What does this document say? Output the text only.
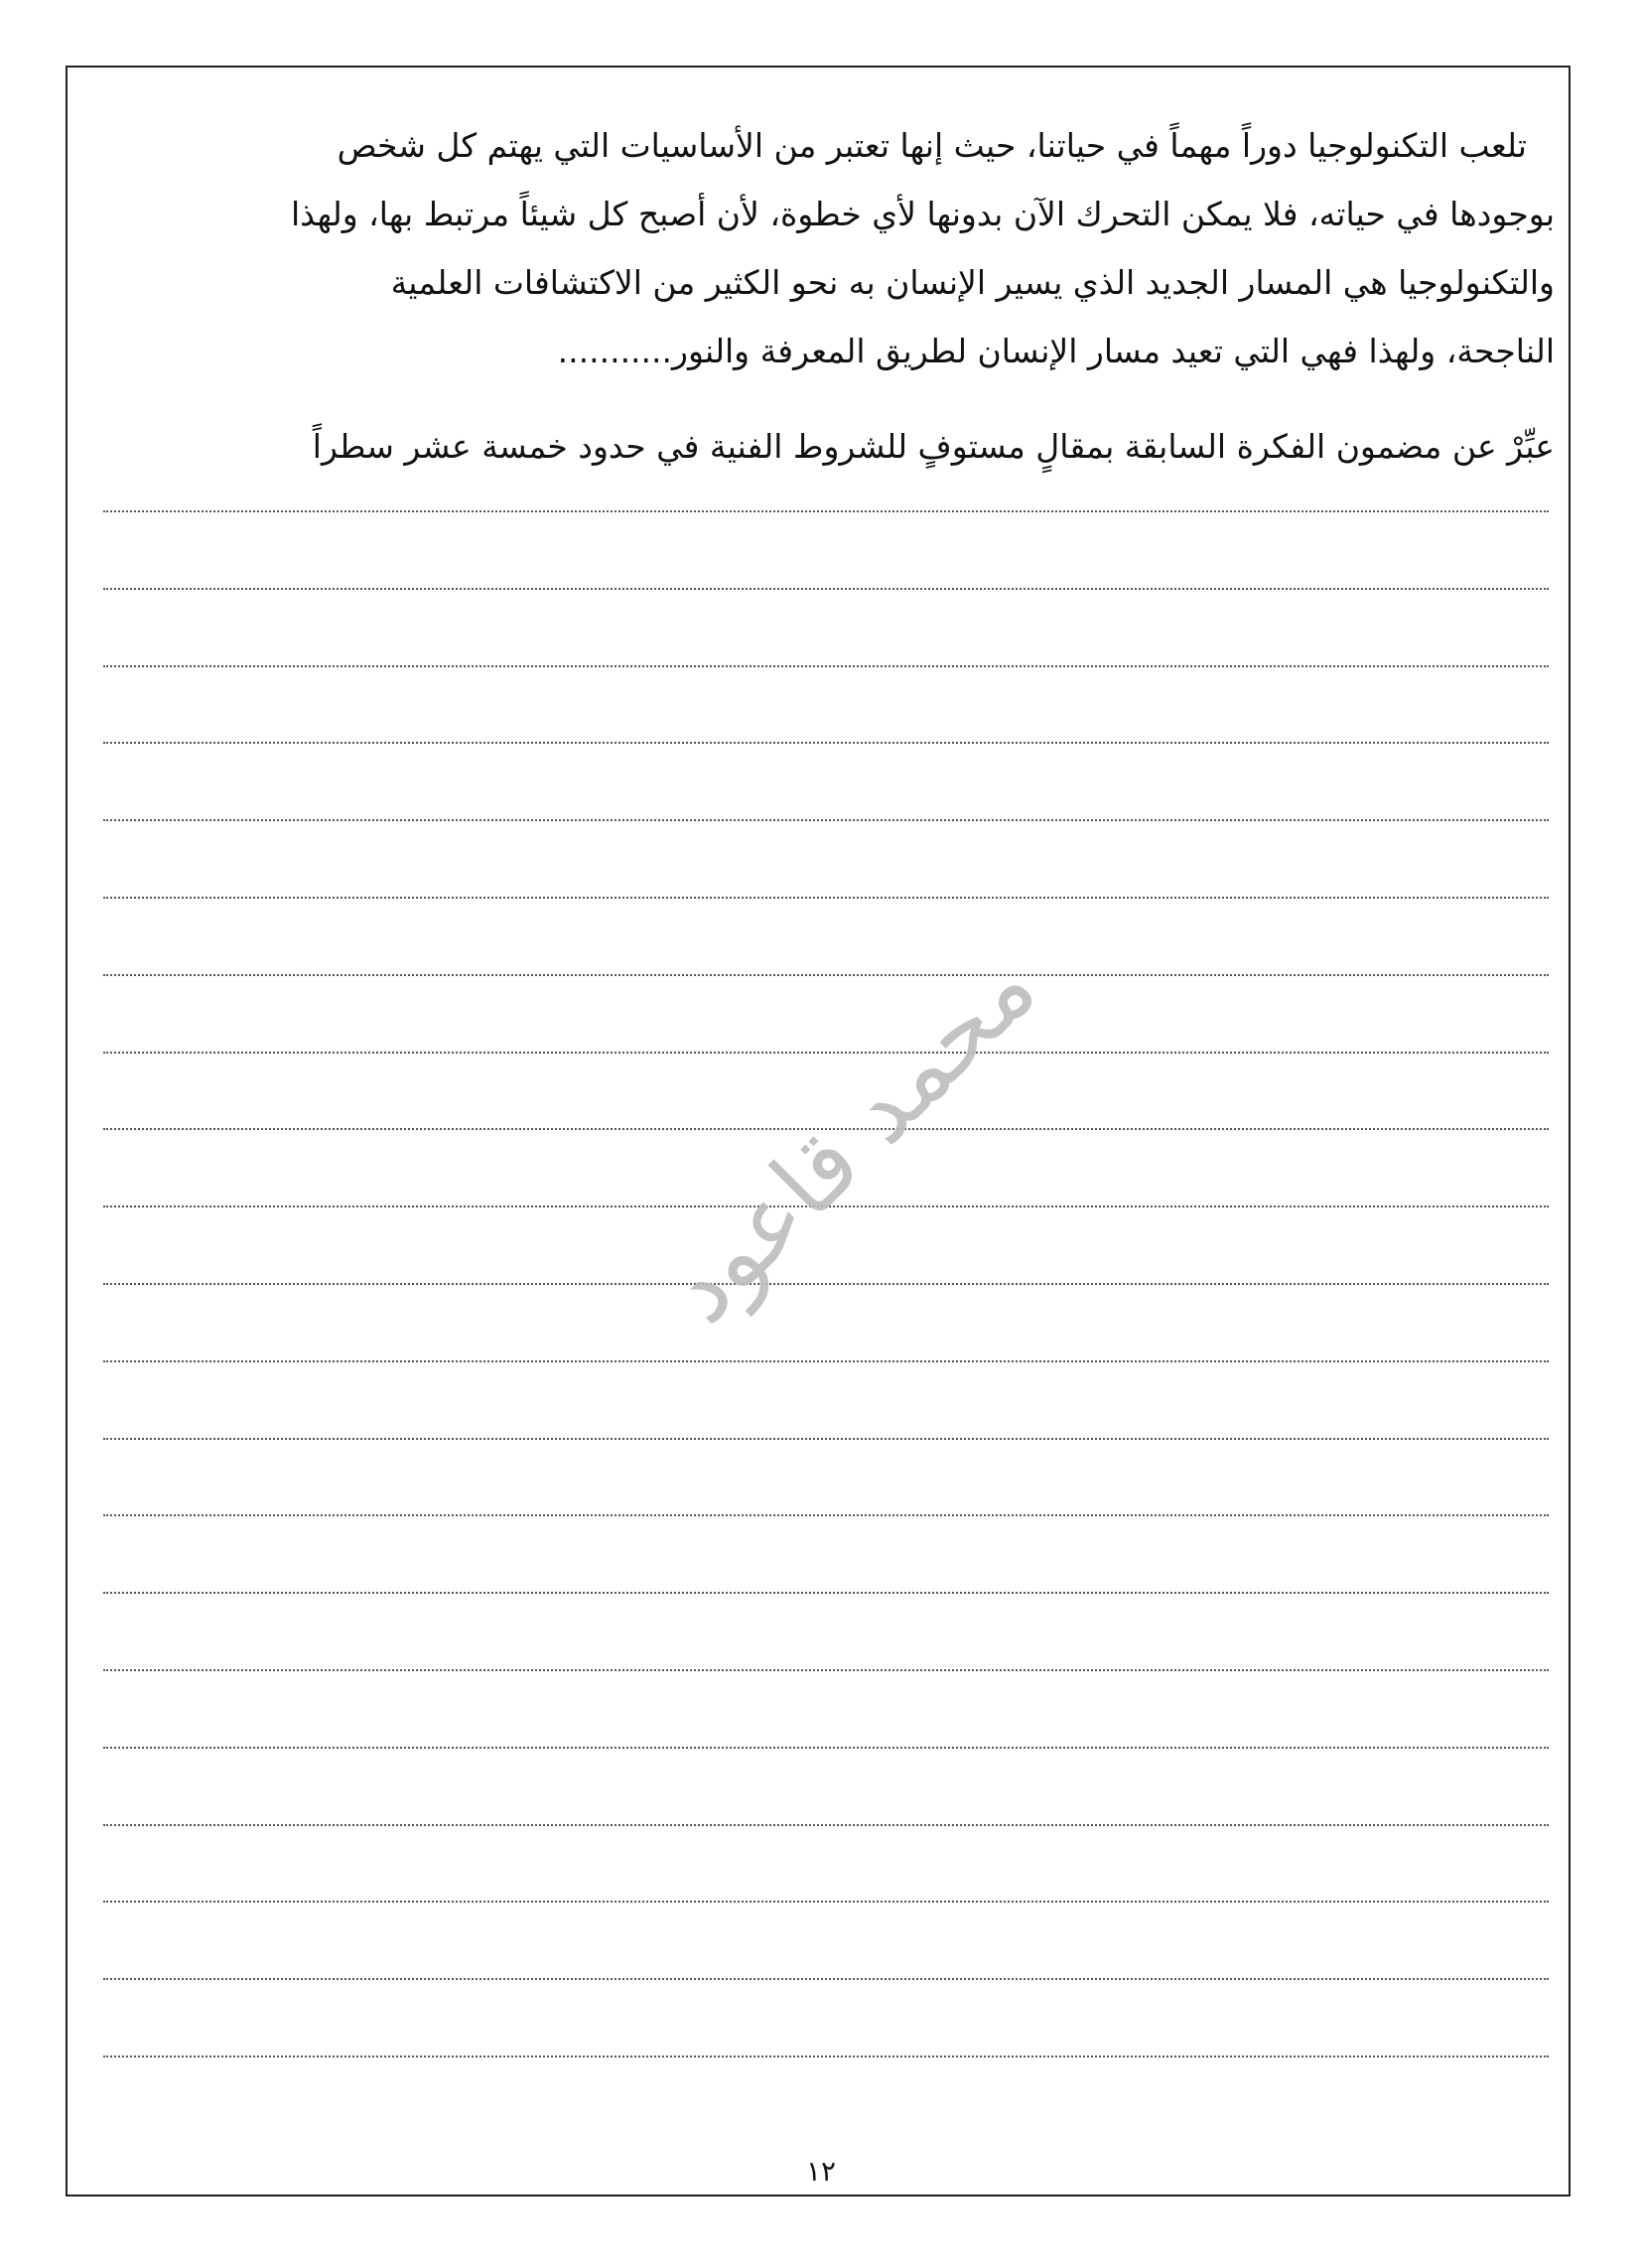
تلعب التكنولوجيا دوراً مهماً في حياتنا، حيث إنها تعتبر من الأساسيات التي يهتم كل شخص
بوجودها في حياته، فلا يمكن التحرك الآن بدونها لأي خطوة، لأن أصبح كل شيئاً مرتبط بها، ولهذا
والتكنولوجيا هي المسار الجديد الذي يسير الإنسان به نحو الكثير من الاكتشافات العلمية
الناجحة، ولهذا فهي التي تعيد مسار الإنسان لطريق المعرفة والنور...........
عبِّرْ عن مضمون الفكرة السابقة بمقالٍ مستوفٍ للشروط الفنية في حدود خمسة عشر سطراً
محمد قاعود
١٢
